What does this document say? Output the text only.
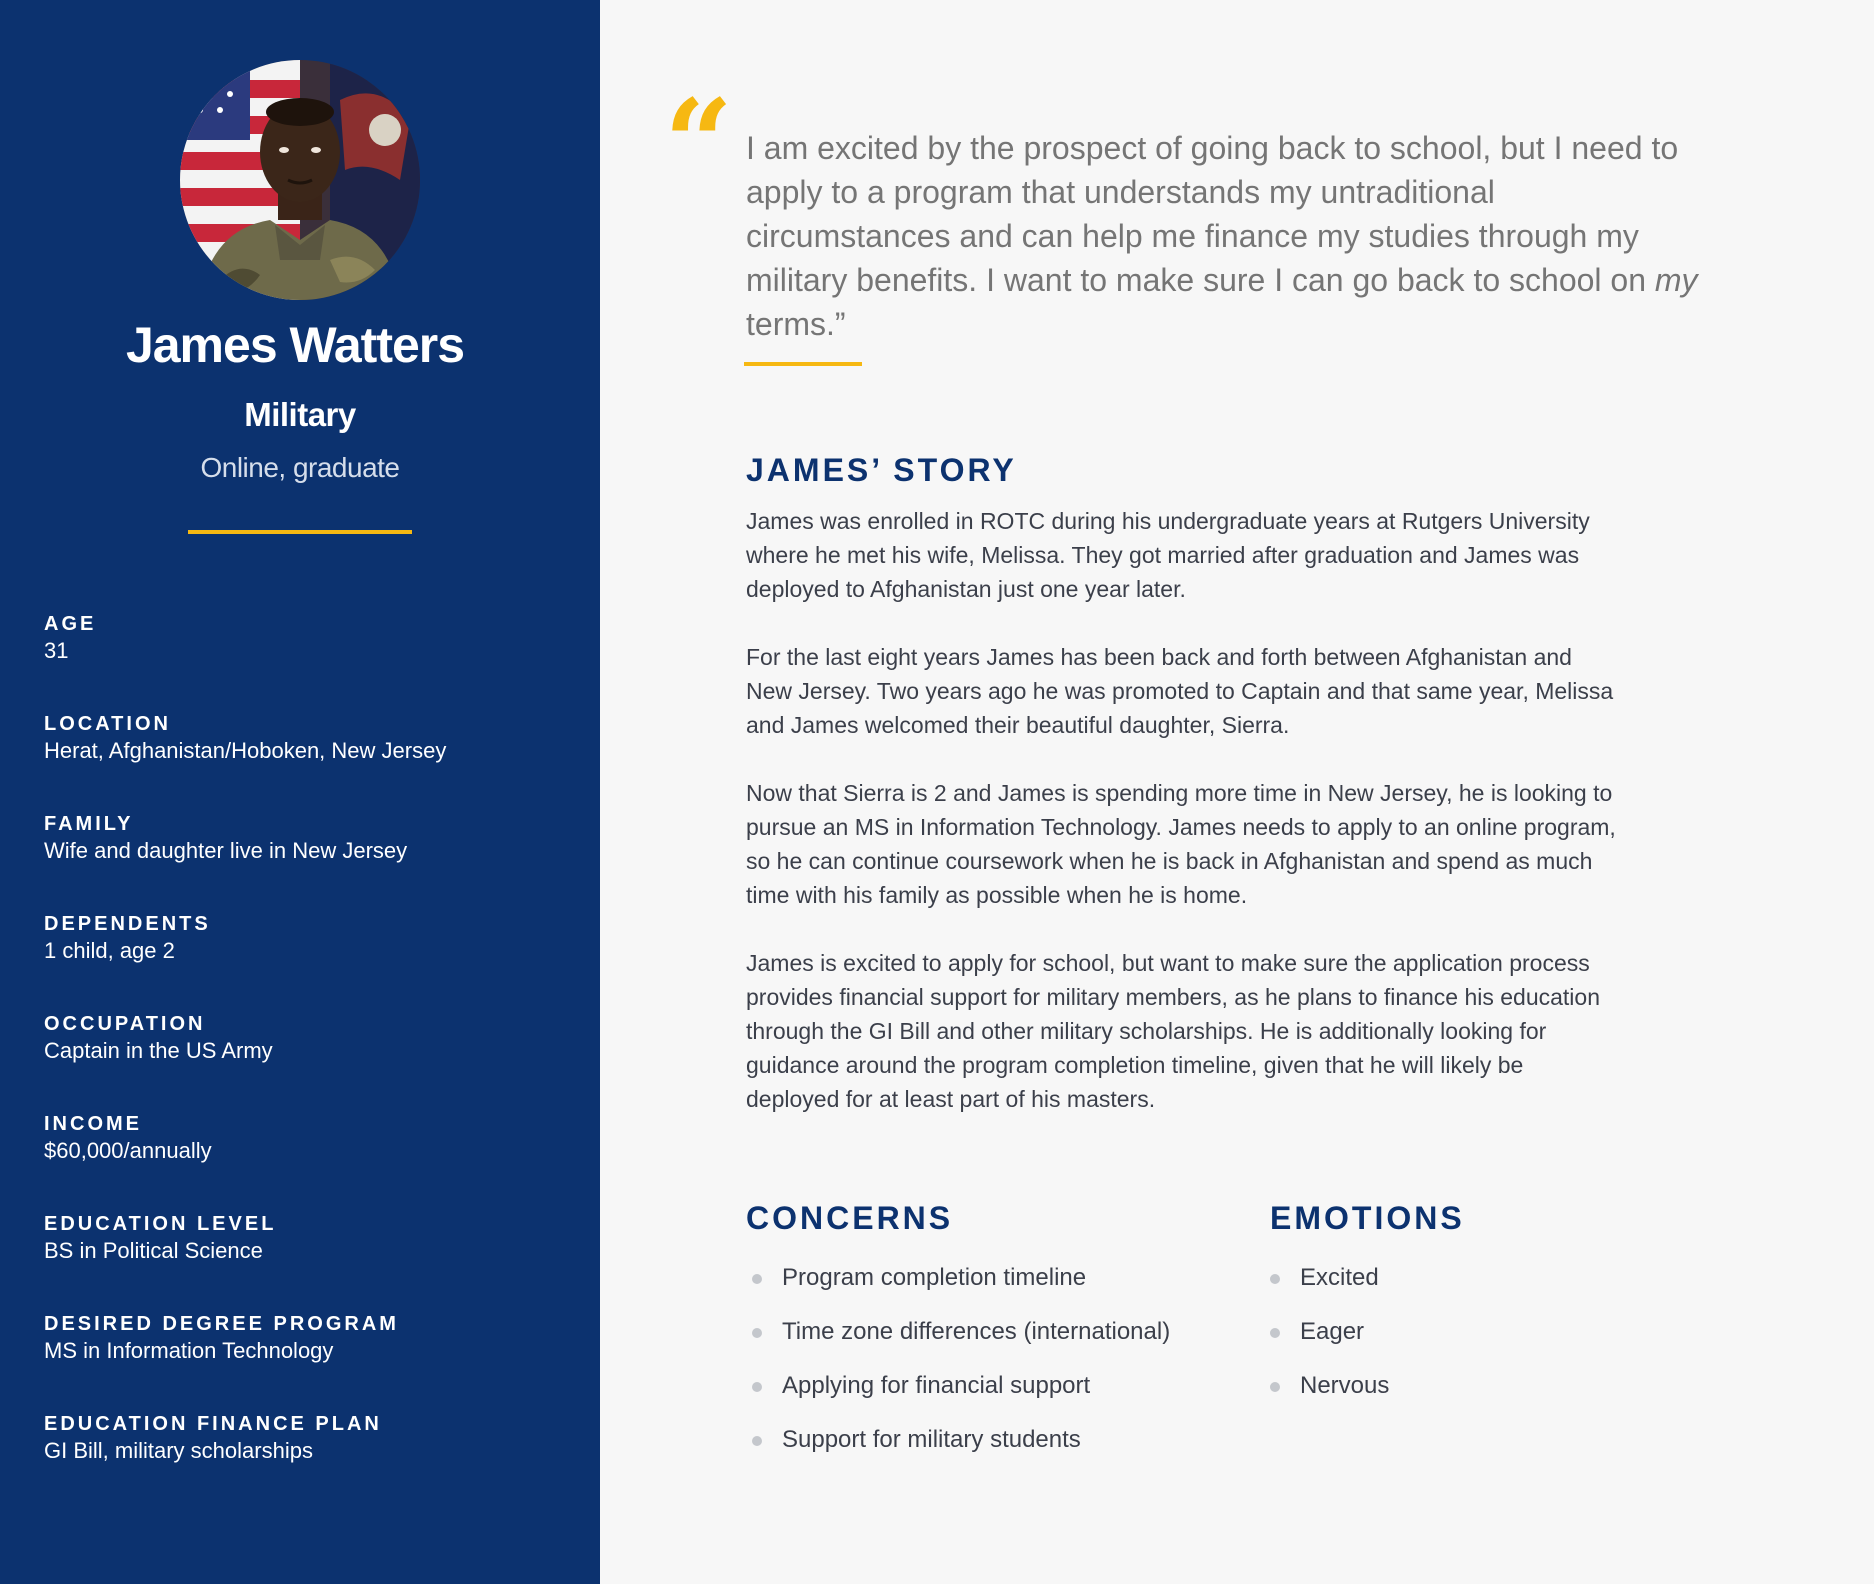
James Watters
Military
Online, graduate
AGE
31
LOCATION
Herat, Afghanistan/Hoboken, New Jersey
FAMILY
Wife and daughter live in New Jersey
DEPENDENTS
1 child, age 2
OCCUPATION
Captain in the US Army
INCOME
$60,000/annually
EDUCATION LEVEL
BS in Political Science
DESIRED DEGREE PROGRAM
MS in Information Technology
EDUCATION FINANCE PLAN
GI Bill, military scholarships
“ I am excited by the prospect of going back to school, but I need to apply to a program that understands my untraditional circumstances and can help me finance my studies through my military benefits. I want to make sure I can go back to school on my terms.”

JAMES’ STORY

James was enrolled in ROTC during his undergraduate years at Rutgers University where he met his wife, Melissa. They got married after graduation and James was deployed to Afghanistan just one year later.

For the last eight years James has been back and forth between Afghanistan and New Jersey. Two years ago he was promoted to Captain and that same year, Melissa and James welcomed their beautiful daughter, Sierra.

Now that Sierra is 2 and James is spending more time in New Jersey, he is looking to pursue an MS in Information Technology. James needs to apply to an online program, so he can continue coursework when he is back in Afghanistan and spend as much time with his family as possible when he is home.

James is excited to apply for school, but want to make sure the application process provides financial support for military members, as he plans to finance his education through the GI Bill and other military scholarships. He is additionally looking for guidance around the program completion timeline, given that he will likely be deployed for at least part of his masters.

CONCERNS
Program completion timeline
Time zone differences (international)
Applying for financial support
Support for military students
EMOTIONS
Excited
Eager
Nervous
